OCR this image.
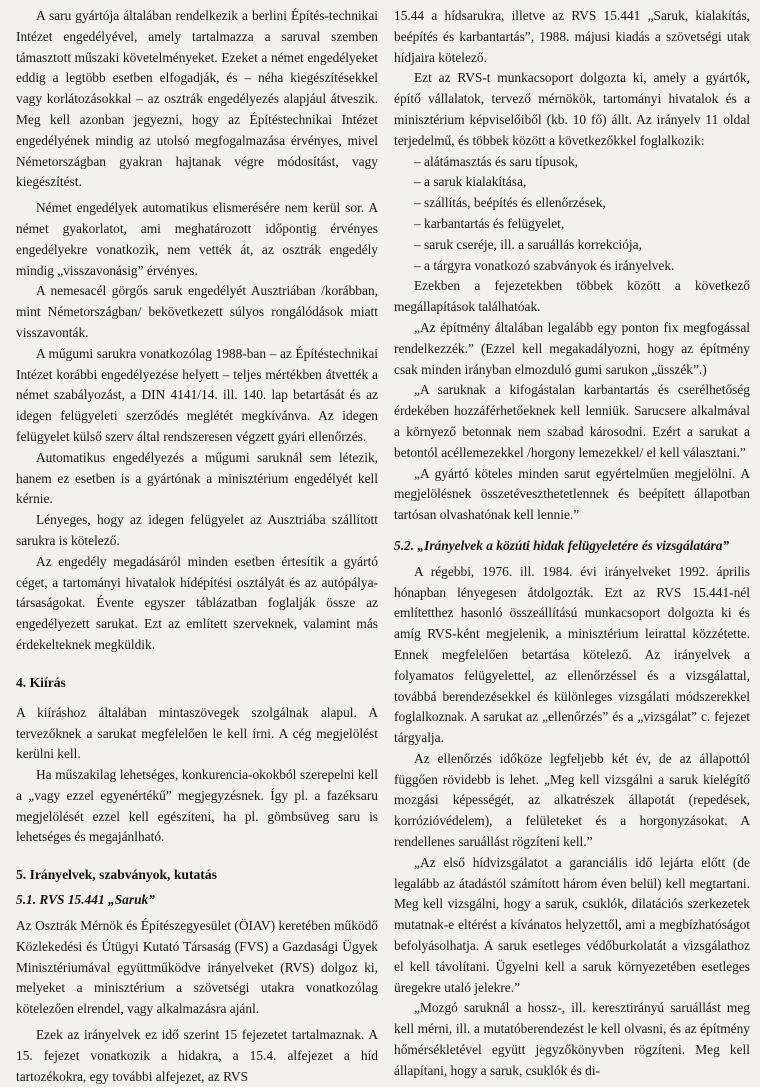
A saru gyártója általában rendelkezik a berlini Építés-technikai Intézet engedélyével, amely tartalmazza a saruval szemben támasztott műszaki követelményeket. Ezeket a német engedélyeket eddig a legtöbb esetben elfogadják, és – néha kiegészítésekkel vagy korlátozásokkal – az osztrák engedélyezés alapjául átveszik. Meg kell azonban jegyezni, hogy az Építéstechnikai Intézet engedélyének mindig az utolsó megfogalmazása érvényes, mivel Németországban gyakran hajtanak végre módosítást, vagy kiegészítést.

Német engedélyek automatikus elismerésére nem kerül sor. A német gyakorlatot, ami meghatározott időpontig érvényes engedélyekre vonatkozik, nem vették át, az osztrák engedély mindig „visszavonásig” érvényes.

A nemesacél görgős saruk engedélyét Ausztriában /korábban, mint Németországban/ bekövetkezett súlyos rongálódások miatt visszavonták.

A műgumi sarukra vonatkozólag 1988-ban – az Építéstechnikai Intézet korábbi engedélyezése helyett – teljes mértékben átvették a német szabályozást, a DIN 4141/14. ill. 140. lap betartását és az idegen felügyeleti szerződés meglétét megkívánva. Az idegen felügyelet külső szerv által rendszeresen végzett gyári ellenőrzés.

Automatikus engedélyezés a műgumi saruknál sem létezik, hanem ez esetben is a gyártónak a minisztérium engedélyét kell kérnie.

Lényeges, hogy az idegen felügyelet az Ausztriába szállított sarukra is kötelező.

Az engedély megadásáról minden esetben értesítik a gyártó céget, a tartományi hivatalok hídépítési osztályát és az autópálya-társaságokat. Évente egyszer táblázatban foglalják össze az engedélyezett sarukat. Ezt az említett szerveknek, valamint más érdekelteknek megküldik.

4. Kiírás

A kiíráshoz általában mintaszövegek szolgálnak alapul. A tervezőknek a sarukat megfelelően le kell írni. A cég megjelölést kerülni kell.

Ha műszakilag lehetséges, konkurencia-okokból szerepelni kell a „vagy ezzel egyenértékű” megjegyzésnek. Így pl. a fazéksaru megjelölését ezzel kell egészíteni, ha pl. gömbsüveg saru is lehetséges és megajánlható.

5. Irányelvek, szabványok, kutatás
5.1. RVS 15.441 „Saruk”

Az Osztrák Mérnök és Építészegyesület (ÖIAV) keretében működő Közlekedési és Útügyi Kutató Társaság (FVS) a Gazdasági Ügyek Minisztériumával együttműködve irányelveket (RVS) dolgoz ki, melyeket a minisztérium a szövetségi utakra vonatkozólag kötelezően elrendel, vagy alkalmazásra ajánl.

Ezek az irányelvek ez idő szerint 15 fejezetet tartalmaznak. A 15. fejezet vonatkozik a hidakra, a 15.4. alfejezet a híd tartozékokra, egy további alfejezet, az RVS

15.44 a hídsarukra, illetve az RVS 15.441 „Saruk, kialakítás, beépítés és karbantartás”, 1988. májusi kiadás a szövetségi utak hídjaira kötelező.

Ezt az RVS-t munkacsoport dolgozta ki, amely a gyártók, építő vállalatok, tervező mérnökök, tartományi hivatalok és a minisztérium képviselőiből (kb. 10 fő) állt. Az irányelv 11 oldal terjedelmű, és többek között a következőkkel foglalkozik:

– alátámasztás és saru típusok,
– a saruk kialakítása,
– szállítás, beépítés és ellenőrzések,
– karbantartás és felügyelet,
– saruk cseréje, ill. a saruállás korrekciója,
– a tárgyra vonatkozó szabványok és irányelvek.

Ezekben a fejezetekben többek között a következő megállapítások találhatóak.

„Az építmény általában legalább egy ponton fix megfogással rendelkezzék.” (Ezzel kell megakadályozni, hogy az építmény csak minden irányban elmozduló gumi sarukon „üsszék”.)

„A saruknak a kifogástalan karbantartás és cserélhetőség érdekében hozzáférhetőeknek kell lenniük. Sarucsere alkalmával a környező betonnak nem szabad károsodni. Ezért a sarukat a betontól acéllemezekkel /horgony lemezekkel/ el kell választani.”

„A gyártó köteles minden sarut egyértelműen megjelölni. A megjelölésnek összetéveszthetetlennek és beépített állapotban tartósan olvashatónak kell lennie.”

5.2. „Irányelvek a közúti hidak felügyeletére és vizsgálatára”

A régebbi, 1976. ill. 1984. évi irányelveket 1992. április hónapban lényegesen átdolgozták. Ezt az RVS 15.441-nél említetthez hasonló összeállítású munkacsoport dolgozta ki és amíg RVS-ként megjelenik, a minisztérium leirattal közzétette. Ennek megfelelően betartása kötelező. Az irányelvek a folyamatos felügyelettel, az ellenőrzéssel és a vizsgálattal, továbbá berendezésekkel és különleges vizsgálati módszerekkel foglalkoznak. A sarukat az „ellenőrzés” és a „vizsgálat” c. fejezet tárgyalja.

Az ellenőrzés időköze legfeljebb két év, de az állapottól függően rövidebb is lehet. „Meg kell vizsgálni a saruk kielégítő mozgási képességét, az alkatrészek állapotát (repedések, korrózióvédelem), a felületeket és a horgonyzásokat. A rendellenes saruállást rögzíteni kell.”

„Az első hídvizsgálatot a garanciális idő lejárta előtt (de legalább az átadástól számított három éven belül) kell megtartani. Meg kell vizsgálni, hogy a saruk, csuklók, dilatációs szerkezetek mutatnak-e eltérést a kívánatos helyzettől, ami a megbízhatóságot befolyásolhatja. A saruk esetleges védőburkolatát a vizsgálathoz el kell távolítani. Ügyelni kell a saruk környezetében esetleges üregekre utaló jelekre.”

„Mozgó saruknál a hossz-, ill. keresztirányú saruállást meg kell mérni, ill. a mutatóberendezést le kell olvasni, és az építmény hőmérsékletével együtt jegyzőkönyvben rögzíteni. Meg kell állapítani, hogy a saruk, csuklók és di-
